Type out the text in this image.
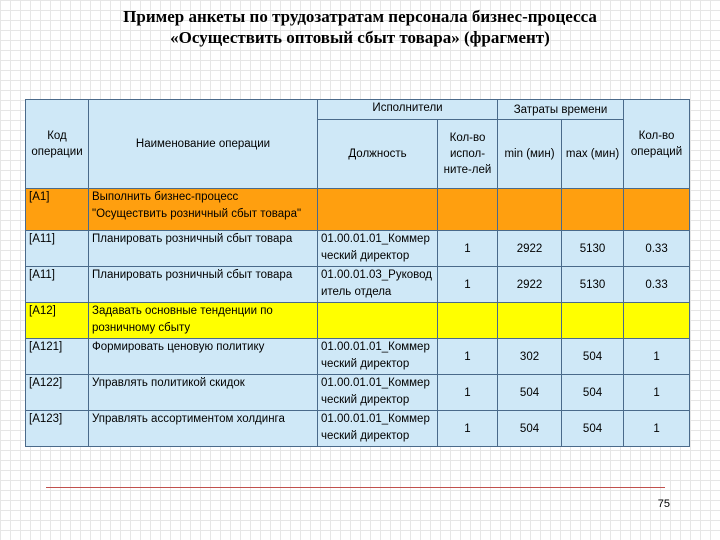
Пример анкеты по трудозатратам персонала бизнес-процесса
«Осуществить оптовый сбыт товара» (фрагмент)
Код операции	Наименование операции	Исполнители		Затраты времени		Кол-во операций
		Должность	Кол-во испол-ните-лей	min (мин)	max (мин)	
[A1]	Выполнить бизнес-процесс "Осуществить розничный сбыт товара"					
[A11]	Планировать розничный сбыт товара	01.00.01.01_Коммерческий директор	1	2922	5130	0.33
[A11]	Планировать розничный сбыт товара	01.00.01.03_Руководитель отдела	1	2922	5130	0.33
[A12]	Задавать основные тенденции по розничному сбыту					
[A121]	Формировать ценовую политику	01.00.01.01_Коммерческий директор	1	302	504	1
[A122]	Управлять политикой скидок	01.00.01.01_Коммерческий директор	1	504	504	1
[A123]	Управлять ассортиментом холдинга	01.00.01.01_Коммерческий директор	1	504	504	1
75
